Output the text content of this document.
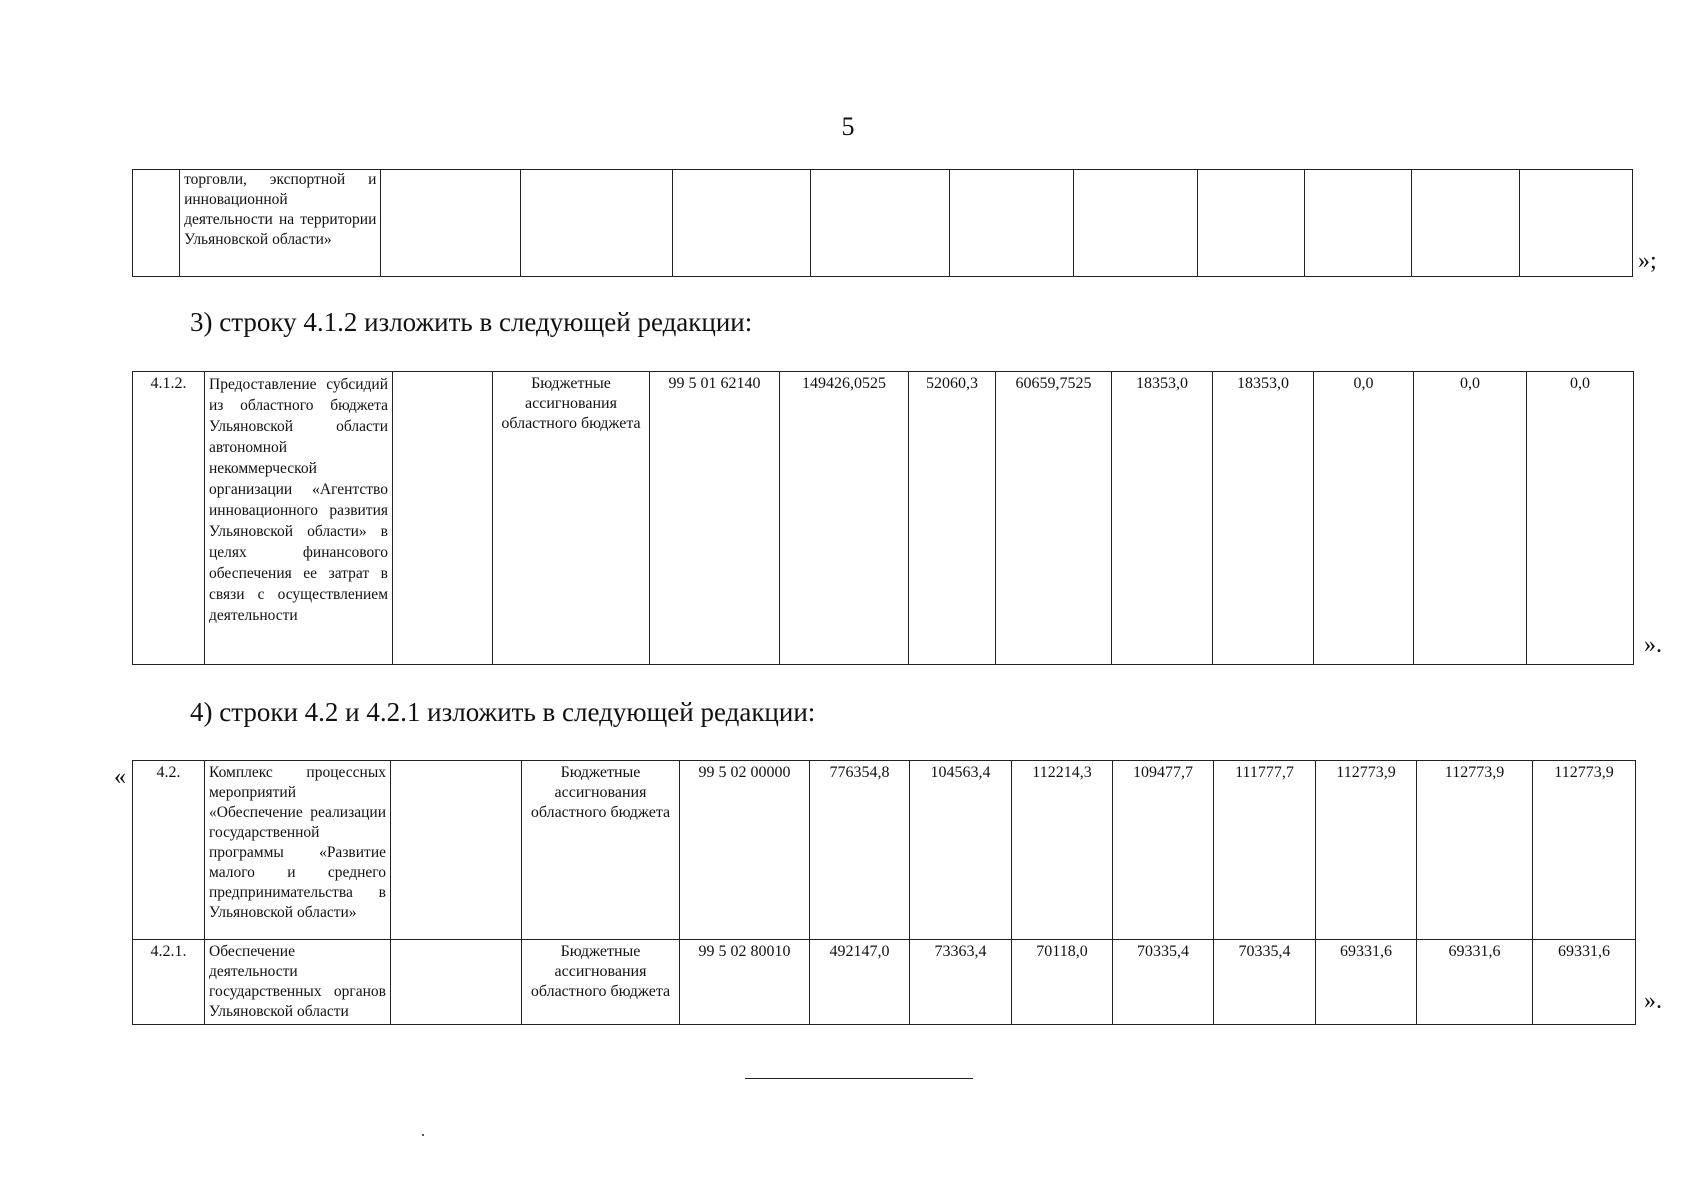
5
	торговли, экспортной и инновационной деятельности на территории Ульяновской области»										
»;
3) строку 4.1.2 изложить в следующей редакции:
4.1.2.	Предоставление субсидий из областного бюджета Ульяновской области автономной некоммерческой организации «Агентство инновационного развития Ульяновской области» в целях финансового обеспечения ее затрат в связи с осуществлением деятельности		Бюджетные ассигнования областного бюджета	99 5 01 62140	149426,0525	52060,3	60659,7525	18353,0	18353,0	0,0	0,0	0,0
».
4) строки 4.2 и 4.2.1 изложить в следующей редакции:
« 4.2.	Комплекс процессных мероприятий «Обеспечение реализации государственной программы «Развитие малого и среднего предпринимательства в Ульяновской области»		Бюджетные ассигнования областного бюджета	99 5 02 00000	776354,8	104563,4	112214,3	109477,7	111777,7	112773,9	112773,9	112773,9
4.2.1.	Обеспечение деятельности государственных органов Ульяновской области		Бюджетные ассигнования областного бюджета	99 5 02 80010	492147,0	73363,4	70118,0	70335,4	70335,4	69331,6	69331,6	69331,6
».
